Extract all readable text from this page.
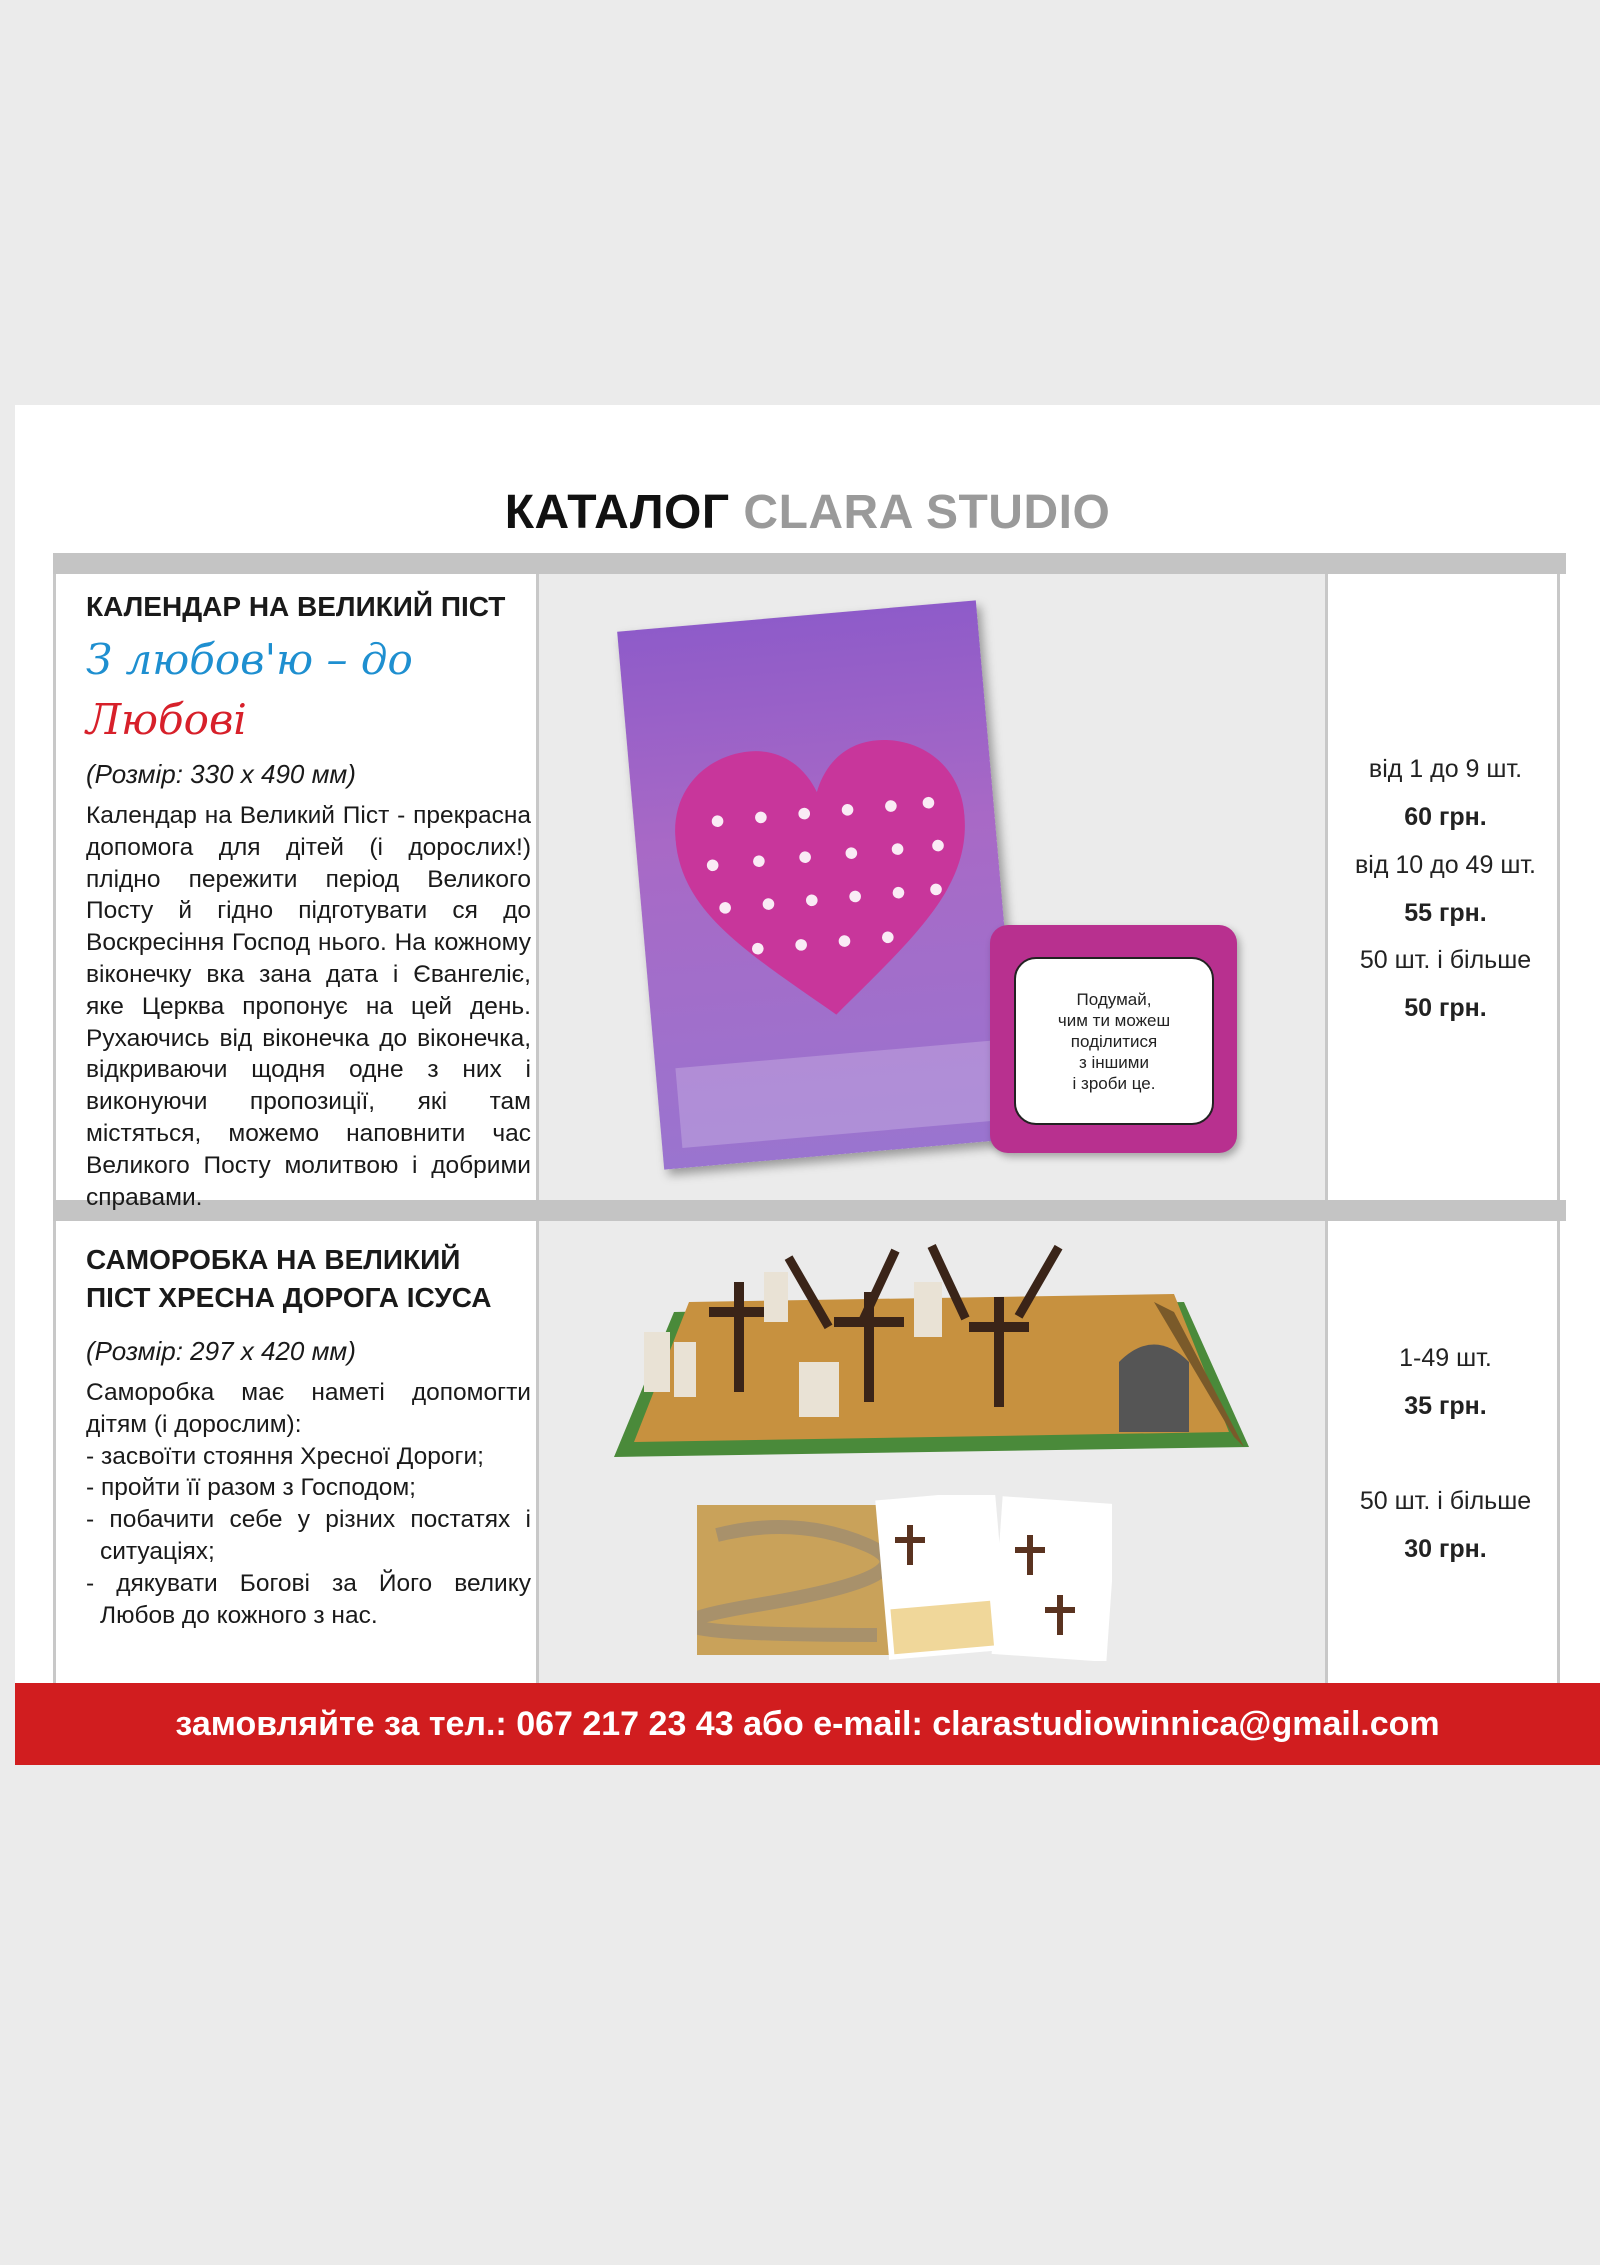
КАТАЛОГ CLARA STUDIO
КАЛЕНДАР НА ВЕЛИКИЙ ПІСТ
З любов'ю – до Любові
(Розмір: 330 x 490 мм)
Календар на Великий Піст - прекрасна допомога для дітей (і дорослих!) плідно пережити період Великого Посту й гідно підготувати ся до Воскресіння Господ нього. На кожному віконечку вка зана дата і Євангеліє, яке Церква пропонує на цей день. Рухаючись від віконечка до віконечка, відкриваючи щодня одне з них і виконуючи пропозиції, які там містяться, можемо наповнити час Великого Посту молитвою і добрими справами.
від 1 до 9 шт.
60 грн.
від 10 до 49 шт.
55 грн.
50 шт. і більше
50 грн.
САМОРОБКА НА ВЕЛИКИЙ ПІСТ ХРЕСНА ДОРОГА ІСУСА
(Розмір: 297 x 420 мм)
Саморобка має наметі допомогти дітям (і дорослим):
- засвоїти стояння Хресної Дороги;
- пройти її разом з Господом;
- побачити себе у різних постатях і ситуаціях;
- дякувати Богові за Його велику Любов до кожного з нас.
1-49 шт.
35 грн.
50 шт. і більше
30 грн.
Подумай,
чим ти можеш
поділитися
з іншими
і зроби це.
замовляйте за тел.: 067 217 23 43 або e-mail: clarastudiowinnica@gmail.com
